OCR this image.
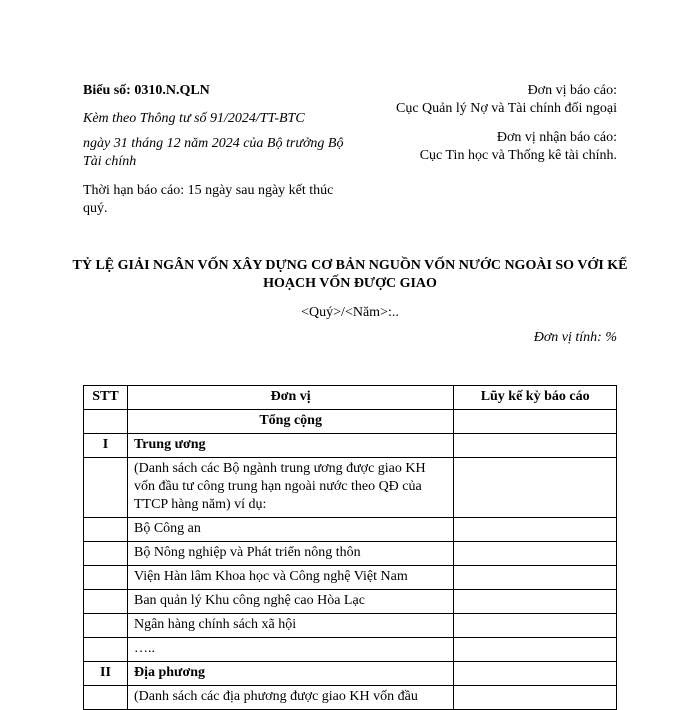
Biểu số: 0310.N.QLN
Kèm theo Thông tư số 91/2024/TT-BTC
ngày 31 tháng 12 năm 2024 của Bộ trưởng Bộ Tài chính
Thời hạn báo cáo: 15 ngày sau ngày kết thúc quý.
Đơn vị báo cáo:
Cục Quản lý Nợ và Tài chính đối ngoại
Đơn vị nhận báo cáo:
Cục Tin học và Thống kê tài chính.
TỶ LỆ GIẢI NGÂN VỐN XÂY DỰNG CƠ BẢN NGUỒN VỐN NƯỚC NGOÀI SO VỚI KẾ HOẠCH VỐN ĐƯỢC GIAO
<Quý>/<Năm>:..
Đơn vị tính: %
STT	Đơn vị	Lũy kế kỳ báo cáo
	Tổng cộng	
I	Trung ương	
	(Danh sách các Bộ ngành trung ương được giao KH vốn đầu tư công trung hạn ngoài nước theo QĐ của TTCP hàng năm) ví dụ:	
	Bộ Công an	
	Bộ Nông nghiệp và Phát triển nông thôn	
	Viện Hàn lâm Khoa học và Công nghệ Việt Nam	
	Ban quản lý Khu công nghệ cao Hòa Lạc	
	Ngân hàng chính sách xã hội	
	…..	
II	Địa phương	
	(Danh sách các địa phương được giao KH vốn đầu	
